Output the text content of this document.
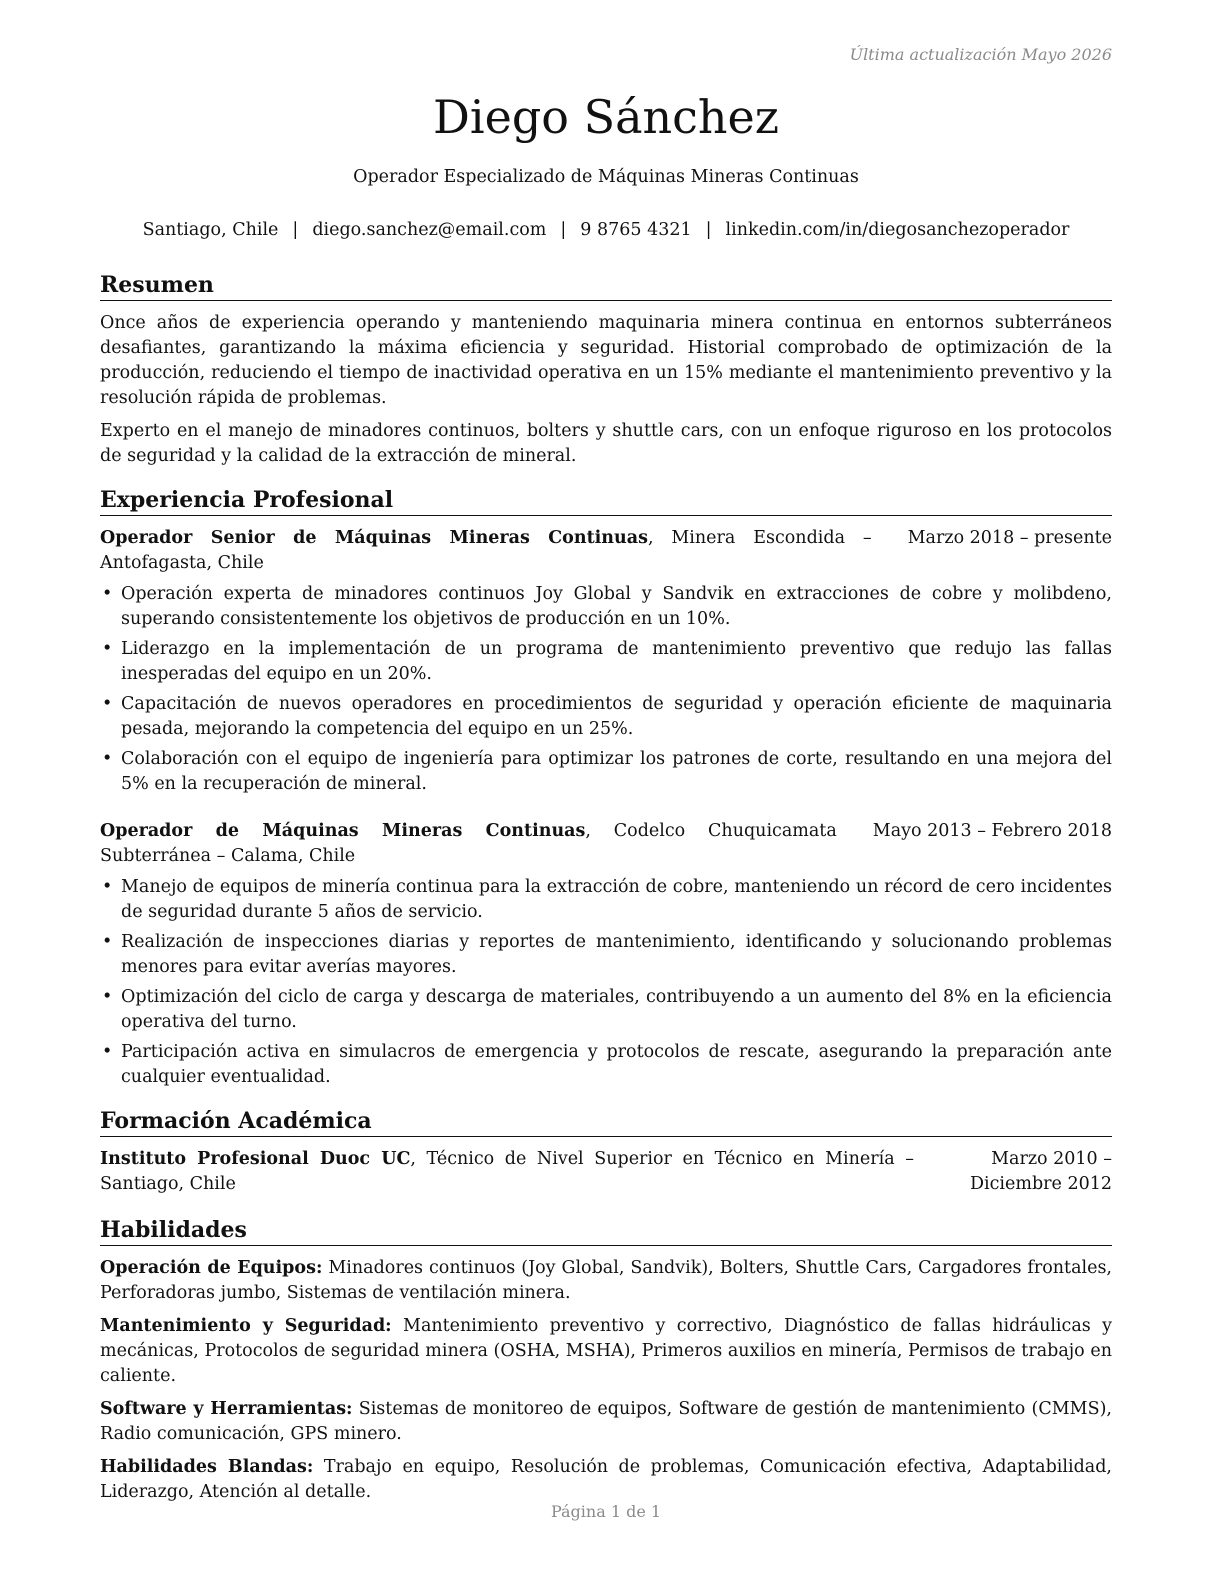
Última actualización Mayo 2026
Diego Sánchez
Operador Especializado de Máquinas Mineras Continuas
Santiago, Chile | diego.sanchez@email.com | 9 8765 4321 | linkedin.com/in/diegosanchezoperador
Resumen

Once años de experiencia operando y manteniendo maquinaria minera continua en entornos subterráneos desafiantes, garantizando la máxima eficiencia y seguridad. Historial comprobado de optimización de la producción, reduciendo el tiempo de inactividad operativa en un 15% mediante el mantenimiento preventivo y la resolución rápida de problemas.

Experto en el manejo de minadores continuos, bolters y shuttle cars, con un enfoque riguroso en los protocolos de seguridad y la calidad de la extracción de mineral.

Experiencia Profesional
Operador Senior de Máquinas Mineras Continuas, Minera Escondida – Antofagasta, Chile
Marzo 2018 – presente
• Operación experta de minadores continuos Joy Global y Sandvik en extracciones de cobre y molibdeno, superando consistentemente los objetivos de producción en un 10%.
• Liderazgo en la implementación de un programa de mantenimiento preventivo que redujo las fallas inesperadas del equipo en un 20%.
• Capacitación de nuevos operadores en procedimientos de seguridad y operación eficiente de maquinaria pesada, mejorando la competencia del equipo en un 25%.
• Colaboración con el equipo de ingeniería para optimizar los patrones de corte, resultando en una mejora del 5% en la recuperación de mineral.
Operador de Máquinas Mineras Continuas, Codelco Chuquicamata Subterránea – Calama, Chile
Mayo 2013 – Febrero 2018
• Manejo de equipos de minería continua para la extracción de cobre, manteniendo un récord de cero incidentes de seguridad durante 5 años de servicio.
• Realización de inspecciones diarias y reportes de mantenimiento, identificando y solucionando problemas menores para evitar averías mayores.
• Optimización del ciclo de carga y descarga de materiales, contribuyendo a un aumento del 8% en la eficiencia operativa del turno.
• Participación activa en simulacros de emergencia y protocolos de rescate, asegurando la preparación ante cualquier eventualidad.
Formación Académica
Instituto Profesional Duoc UC, Técnico de Nivel Superior en Técnico en Minería – Santiago, Chile
Marzo 2010 – Diciembre 2012
Habilidades

Operación de Equipos: Minadores continuos (Joy Global, Sandvik), Bolters, Shuttle Cars, Cargadores frontales, Perforadoras jumbo, Sistemas de ventilación minera.

Mantenimiento y Seguridad: Mantenimiento preventivo y correctivo, Diagnóstico de fallas hidráulicas y mecánicas, Protocolos de seguridad minera (OSHA, MSHA), Primeros auxilios en minería, Permisos de trabajo en caliente.

Software y Herramientas: Sistemas de monitoreo de equipos, Software de gestión de mantenimiento (CMMS), Radio comunicación, GPS minero.

Habilidades Blandas: Trabajo en equipo, Resolución de problemas, Comunicación efectiva, Adaptabilidad, Liderazgo, Atención al detalle.

Página 1 de 1
